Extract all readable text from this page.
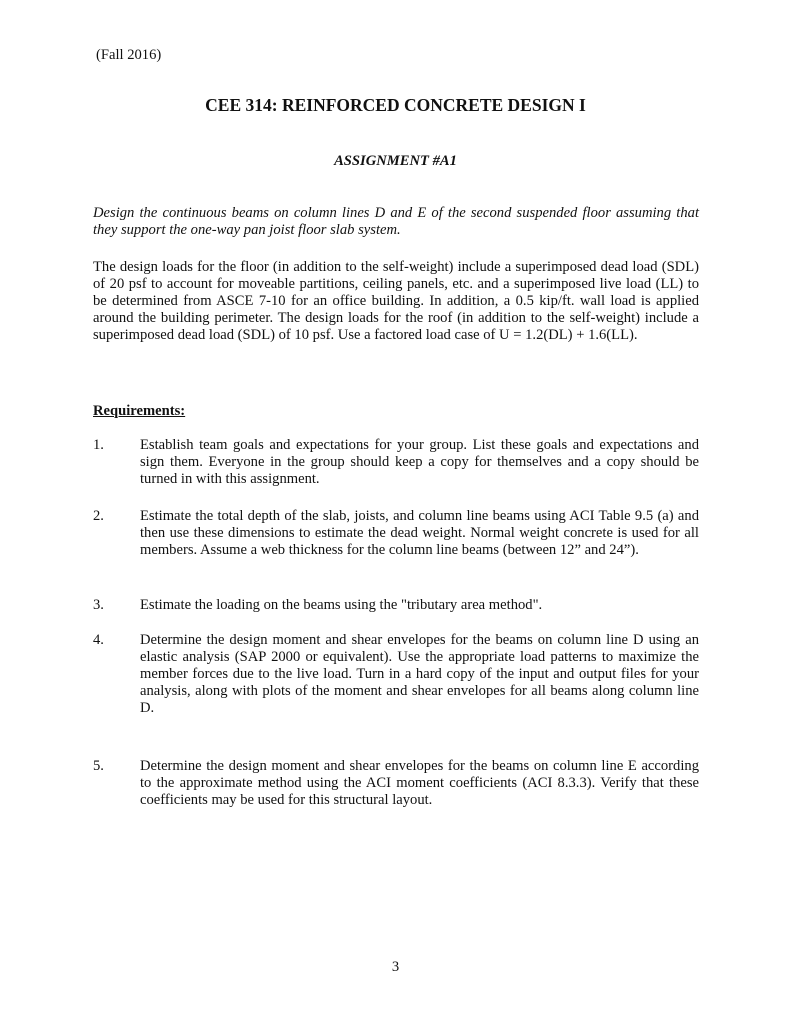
(Fall 2016)
CEE 314: REINFORCED CONCRETE DESIGN I
ASSIGNMENT #A1
Design the continuous beams on column lines D and E of the second suspended floor assuming that they support the one-way pan joist floor slab system.
The design loads for the floor (in addition to the self-weight) include a superimposed dead load (SDL) of 20 psf to account for moveable partitions, ceiling panels, etc. and a superimposed live load (LL) to be determined from ASCE 7-10 for an office building. In addition, a 0.5 kip/ft. wall load is applied around the building perimeter. The design loads for the roof (in addition to the self-weight) include a superimposed dead load (SDL) of 10 psf. Use a factored load case of U = 1.2(DL) + 1.6(LL).
Requirements:
1.	Establish team goals and expectations for your group. List these goals and expectations and sign them. Everyone in the group should keep a copy for themselves and a copy should be turned in with this assignment.
2.	Estimate the total depth of the slab, joists, and column line beams using ACI Table 9.5 (a) and then use these dimensions to estimate the dead weight. Normal weight concrete is used for all members. Assume a web thickness for the column line beams (between 12” and 24”).
3.	Estimate the loading on the beams using the "tributary area method".
4.	Determine the design moment and shear envelopes for the beams on column line D using an elastic analysis (SAP 2000 or equivalent). Use the appropriate load patterns to maximize the member forces due to the live load. Turn in a hard copy of the input and output files for your analysis, along with plots of the moment and shear envelopes for all beams along column line D.
5.	Determine the design moment and shear envelopes for the beams on column line E according to the approximate method using the ACI moment coefficients (ACI 8.3.3). Verify that these coefficients may be used for this structural layout.
3
